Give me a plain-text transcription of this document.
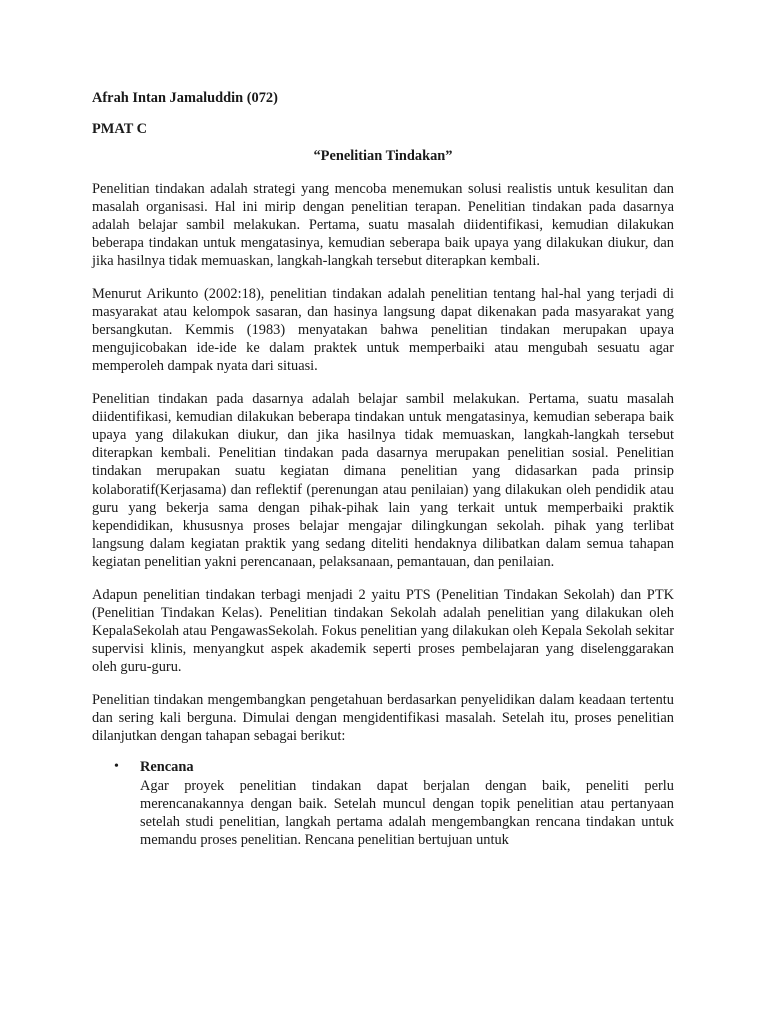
Afrah Intan Jamaluddin (072)

PMAT C

“Penelitian Tindakan”

Penelitian tindakan adalah strategi yang mencoba menemukan solusi realistis untuk kesulitan dan masalah organisasi. Hal ini mirip dengan penelitian terapan. Penelitian tindakan pada dasarnya adalah belajar sambil melakukan. Pertama, suatu masalah diidentifikasi, kemudian dilakukan beberapa tindakan untuk mengatasinya, kemudian seberapa baik upaya yang dilakukan diukur, dan jika hasilnya tidak memuaskan, langkah-langkah tersebut diterapkan kembali.

Menurut Arikunto (2002:18), penelitian tindakan adalah penelitian tentang hal-hal yang terjadi di masyarakat atau kelompok sasaran, dan hasinya langsung dapat dikenakan pada masyarakat yang bersangkutan. Kemmis (1983) menyatakan bahwa penelitian tindakan merupakan upaya mengujicobakan ide-ide ke dalam praktek untuk memperbaiki atau mengubah sesuatu agar memperoleh dampak nyata dari situasi.

Penelitian tindakan pada dasarnya adalah belajar sambil melakukan. Pertama, suatu masalah diidentifikasi, kemudian dilakukan beberapa tindakan untuk mengatasinya, kemudian seberapa baik upaya yang dilakukan diukur, dan jika hasilnya tidak memuaskan, langkah-langkah tersebut diterapkan kembali. Penelitian tindakan pada dasarnya merupakan penelitian sosial. Penelitian tindakan merupakan suatu kegiatan dimana penelitian yang didasarkan pada prinsip kolaboratif(Kerjasama) dan reflektif (perenungan atau penilaian) yang dilakukan oleh pendidik atau guru yang bekerja sama dengan pihak-pihak lain yang terkait untuk memperbaiki praktik kependidikan, khususnya proses belajar mengajar dilingkungan sekolah. pihak yang terlibat langsung dalam kegiatan praktik yang sedang diteliti hendaknya dilibatkan dalam semua tahapan kegiatan penelitian yakni perencanaan, pelaksanaan, pemantauan, dan penilaian.

Adapun penelitian tindakan terbagi menjadi 2 yaitu PTS (Penelitian Tindakan Sekolah) dan PTK (Penelitian Tindakan Kelas). Penelitian tindakan Sekolah adalah penelitian yang dilakukan oleh KepalaSekolah atau PengawasSekolah. Fokus penelitian yang dilakukan oleh Kepala Sekolah sekitar supervisi klinis, menyangkut aspek akademik seperti proses pembelajaran yang diselenggarakan oleh guru-guru.

Penelitian tindakan mengembangkan pengetahuan berdasarkan penyelidikan dalam keadaan tertentu dan sering kali berguna. Dimulai dengan mengidentifikasi masalah. Setelah itu, proses penelitian dilanjutkan dengan tahapan sebagai berikut:

• Rencana
Agar proyek penelitian tindakan dapat berjalan dengan baik, peneliti perlu merencanakannya dengan baik. Setelah muncul dengan topik penelitian atau pertanyaan setelah studi penelitian, langkah pertama adalah mengembangkan rencana tindakan untuk memandu proses penelitian. Rencana penelitian bertujuan untuk
